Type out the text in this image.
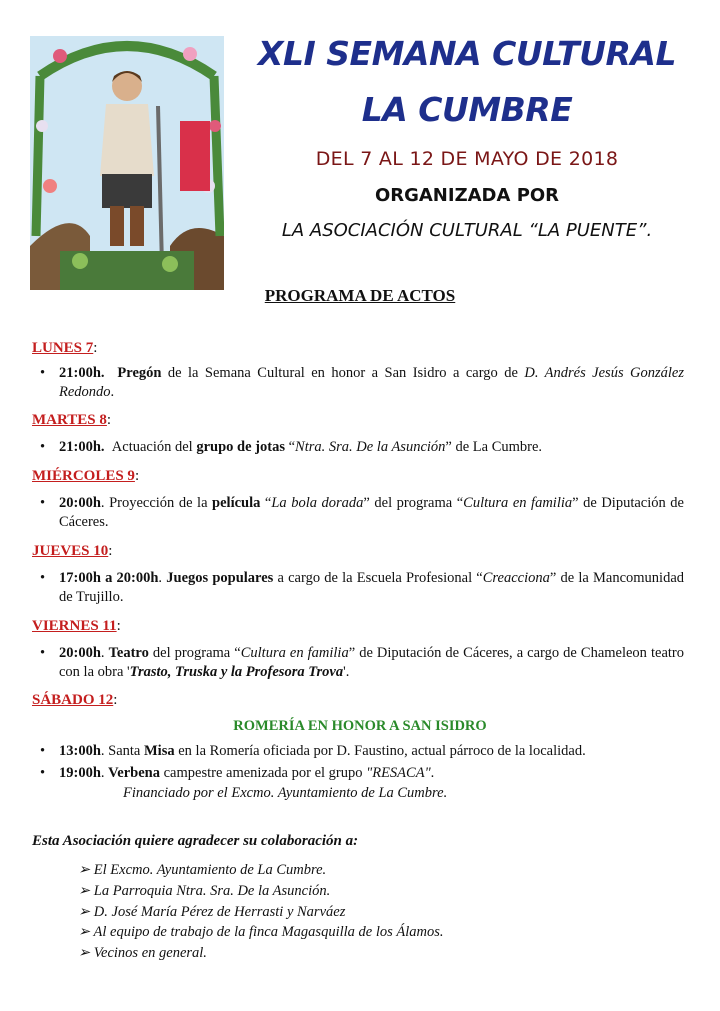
XLI SEMANA CULTURAL
LA CUMBRE
DEL 7 AL 12 DE MAYO DE 2018
ORGANIZADA POR
LA ASOCIACIÓN CULTURAL “LA PUENTE”.
PROGRAMA DE ACTOS
LUNES 7:
• 21:00h. Pregón de la Semana Cultural en honor a San Isidro a cargo de D. Andrés Jesús González Redondo.
MARTES 8:
• 21:00h. Actuación del grupo de jotas “Ntra. Sra. De la Asunción” de La Cumbre.
MIÉRCOLES 9:
• 20:00h. Proyección de la película “La bola dorada” del programa “Cultura en familia” de Diputación de Cáceres.
JUEVES 10:
• 17:00h a 20:00h. Juegos populares a cargo de la Escuela Profesional “Creacciona” de la Mancomunidad de Trujillo.
VIERNES 11:
• 20:00h. Teatro del programa “Cultura en familia” de Diputación de Cáceres, a cargo de Chameleon teatro con la obra 'Trasto, Truska y la Profesora Trova'.
SÁBADO 12:
ROMERÍA EN HONOR A SAN ISIDRO
• 13:00h. Santa Misa en la Romería oficiada por D. Faustino, actual párroco de la localidad.
• 19:00h. Verbena campestre amenizada por el grupo "RESACA".
Financiado por el Excmo. Ayuntamiento de La Cumbre.
Esta Asociación quiere agradecer su colaboración a:
➢ El Excmo. Ayuntamiento de La Cumbre.
➢ La Parroquia Ntra. Sra. De la Asunción.
➢ D. José María Pérez de Herrasti y Narváez
➢ Al equipo de trabajo de la finca Magasquilla de los Álamos.
➢ Vecinos en general.
